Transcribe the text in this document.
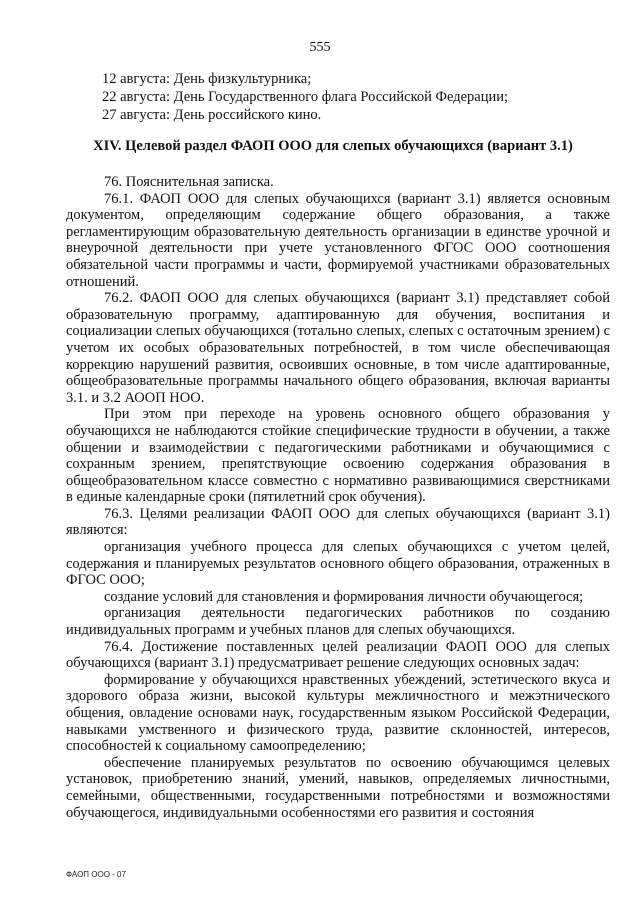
555
12 августа: День физкультурника;
22 августа: День Государственного флага Российской Федерации;
27 августа: День российского кино.
XIV. Целевой раздел ФАОП ООО для слепых обучающихся (вариант 3.1)

76. Пояснительная записка.

76.1. ФАОП ООО для слепых обучающихся (вариант 3.1) является основным документом, определяющим содержание общего образования, а также регламентирующим образовательную деятельность организации в единстве урочной и внеурочной деятельности при учете установленного ФГОС ООО соотношения обязательной части программы и части, формируемой участниками образовательных отношений.

76.2. ФАОП ООО для слепых обучающихся (вариант 3.1) представляет собой образовательную программу, адаптированную для обучения, воспитания и социализации слепых обучающихся (тотально слепых, слепых с остаточным зрением) с учетом их особых образовательных потребностей, в том числе обеспечивающая коррекцию нарушений развития, освоивших основные, в том числе адаптированные, общеобразовательные программы начального общего образования, включая варианты 3.1. и 3.2 АООП НОО.

При этом при переходе на уровень основного общего образования у обучающихся не наблюдаются стойкие специфические трудности в обучении, а также общении и взаимодействии с педагогическими работниками и обучающимися с сохранным зрением, препятствующие освоению содержания образования в общеобразовательном классе совместно с нормативно развивающимися сверстниками в единые календарные сроки (пятилетний срок обучения).

76.3. Целями реализации ФАОП ООО для слепых обучающихся (вариант 3.1) являются:

организация учебного процесса для слепых обучающихся с учетом целей, содержания и планируемых результатов основного общего образования, отраженных в ФГОС ООО;

создание условий для становления и формирования личности обучающегося;

организация деятельности педагогических работников по созданию индивидуальных программ и учебных планов для слепых обучающихся.

76.4. Достижение поставленных целей реализации ФАОП ООО для слепых обучающихся (вариант 3.1) предусматривает решение следующих основных задач:

формирование у обучающихся нравственных убеждений, эстетического вкуса и здорового образа жизни, высокой культуры межличностного и межэтнического общения, овладение основами наук, государственным языком Российской Федерации, навыками умственного и физического труда, развитие склонностей, интересов, способностей к социальному самоопределению;

обеспечение планируемых результатов по освоению обучающимся целевых установок, приобретению знаний, умений, навыков, определяемых личностными, семейными, общественными, государственными потребностями и возможностями обучающегося, индивидуальными особенностями его развития и состояния

ФАОП ООО - 07
